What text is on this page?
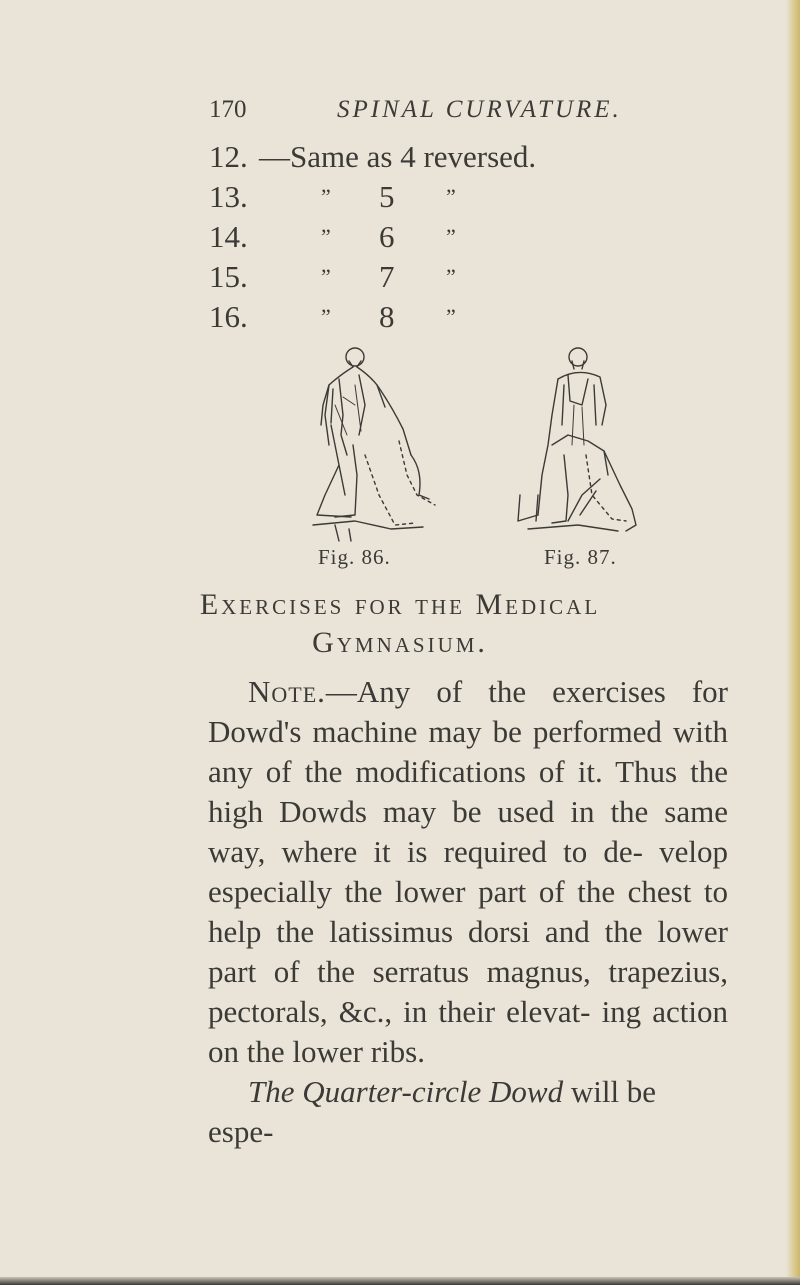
170	SPINAL CURVATURE.
12. —Same as 4 reversed.
13.	” 5 ”
14.	” 6 ”
15.	” 7 ”
16.	” 8 ”
Fig. 86.	Fig. 87.
Exercises for the Medical
Gymnasium.

Note.—Any of the exercises for Dowd's machine may be performed with any of the modifications of it. Thus the high Dowds may be used in the same way, where it is required to de- velop especially the lower part of the chest to help the latissimus dorsi and the lower part of the serratus magnus, trapezius, pectorals, &c., in their elevat- ing action on the lower ribs.

The Quarter-circle Dowd will be espe-
